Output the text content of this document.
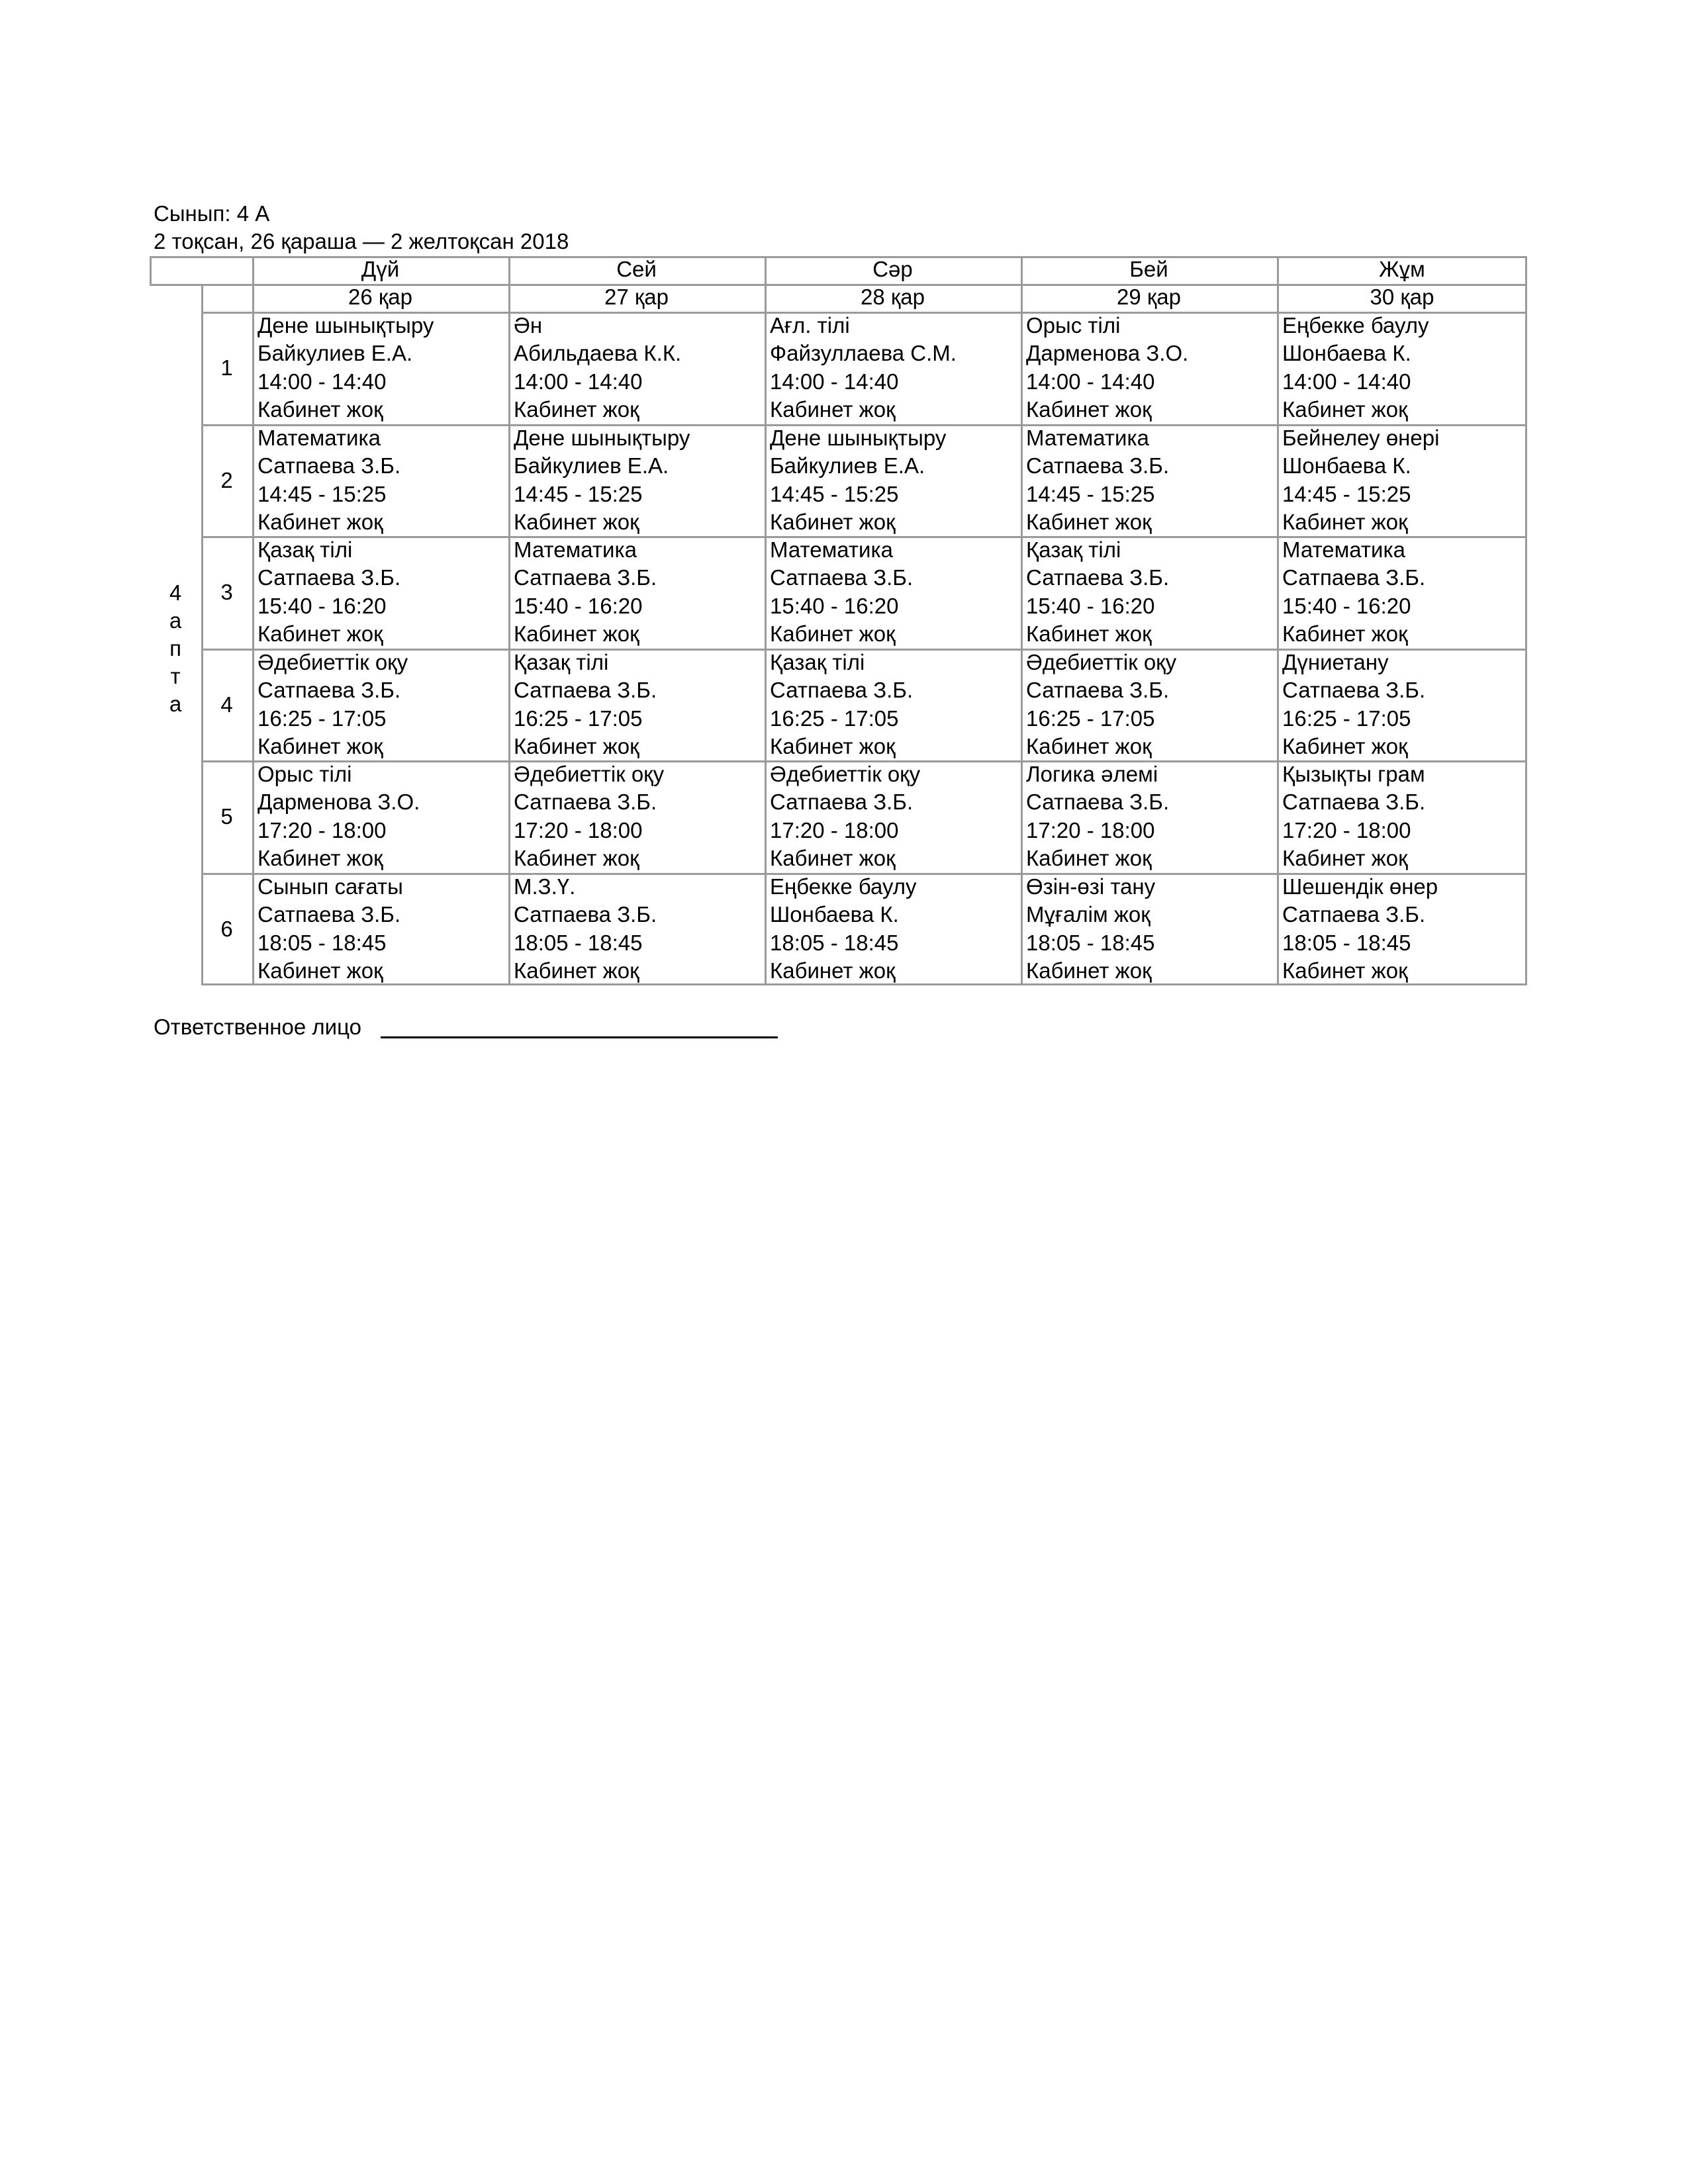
Сынып: 4 А
2 тоқсан, 26 қараша — 2 желтоқсан 2018
Дүй
26 қар
Сей
27 қар
Сәр
28 қар
Бей
29 қар
Жұм
30 қар
4
а
п
т
а
1
Дене шынықтыру
Байкулиев Е.А.
14:00 - 14:40
Кабинет жоқ
Ән
Абильдаева К.К.
14:00 - 14:40
Кабинет жоқ
Ағл. тілі
Файзуллаева С.М.
14:00 - 14:40
Кабинет жоқ
Орыс тілі
Дарменова З.О.
14:00 - 14:40
Кабинет жоқ
Еңбекке баулу
Шонбаева К.
14:00 - 14:40
Кабинет жоқ
2
Математика
Сатпаева З.Б.
14:45 - 15:25
Кабинет жоқ
Дене шынықтыру
Байкулиев Е.А.
14:45 - 15:25
Кабинет жоқ
Дене шынықтыру
Байкулиев Е.А.
14:45 - 15:25
Кабинет жоқ
Математика
Сатпаева З.Б.
14:45 - 15:25
Кабинет жоқ
Бейнелеу өнері
Шонбаева К.
14:45 - 15:25
Кабинет жоқ
3
Қазақ тілі
Сатпаева З.Б.
15:40 - 16:20
Кабинет жоқ
Математика
Сатпаева З.Б.
15:40 - 16:20
Кабинет жоқ
Математика
Сатпаева З.Б.
15:40 - 16:20
Кабинет жоқ
Қазақ тілі
Сатпаева З.Б.
15:40 - 16:20
Кабинет жоқ
Математика
Сатпаева З.Б.
15:40 - 16:20
Кабинет жоқ
4
Әдебиеттік оқу
Сатпаева З.Б.
16:25 - 17:05
Кабинет жоқ
Қазақ тілі
Сатпаева З.Б.
16:25 - 17:05
Кабинет жоқ
Қазақ тілі
Сатпаева З.Б.
16:25 - 17:05
Кабинет жоқ
Әдебиеттік оқу
Сатпаева З.Б.
16:25 - 17:05
Кабинет жоқ
Дүниетану
Сатпаева З.Б.
16:25 - 17:05
Кабинет жоқ
5
Орыс тілі
Дарменова З.О.
17:20 - 18:00
Кабинет жоқ
Әдебиеттік оқу
Сатпаева З.Б.
17:20 - 18:00
Кабинет жоқ
Әдебиеттік оқу
Сатпаева З.Б.
17:20 - 18:00
Кабинет жоқ
Логика әлемі
Сатпаева З.Б.
17:20 - 18:00
Кабинет жоқ
Қызықты грам
Сатпаева З.Б.
17:20 - 18:00
Кабинет жоқ
6
Сынып сағаты
Сатпаева З.Б.
18:05 - 18:45
Кабинет жоқ
М.З.Ү.
Сатпаева З.Б.
18:05 - 18:45
Кабинет жоқ
Еңбекке баулу
Шонбаева К.
18:05 - 18:45
Кабинет жоқ
Өзін-өзі тану
Мұғалім жоқ
18:05 - 18:45
Кабинет жоқ
Шешендік өнер
Сатпаева З.Б.
18:05 - 18:45
Кабинет жоқ
Ответственное лицо
